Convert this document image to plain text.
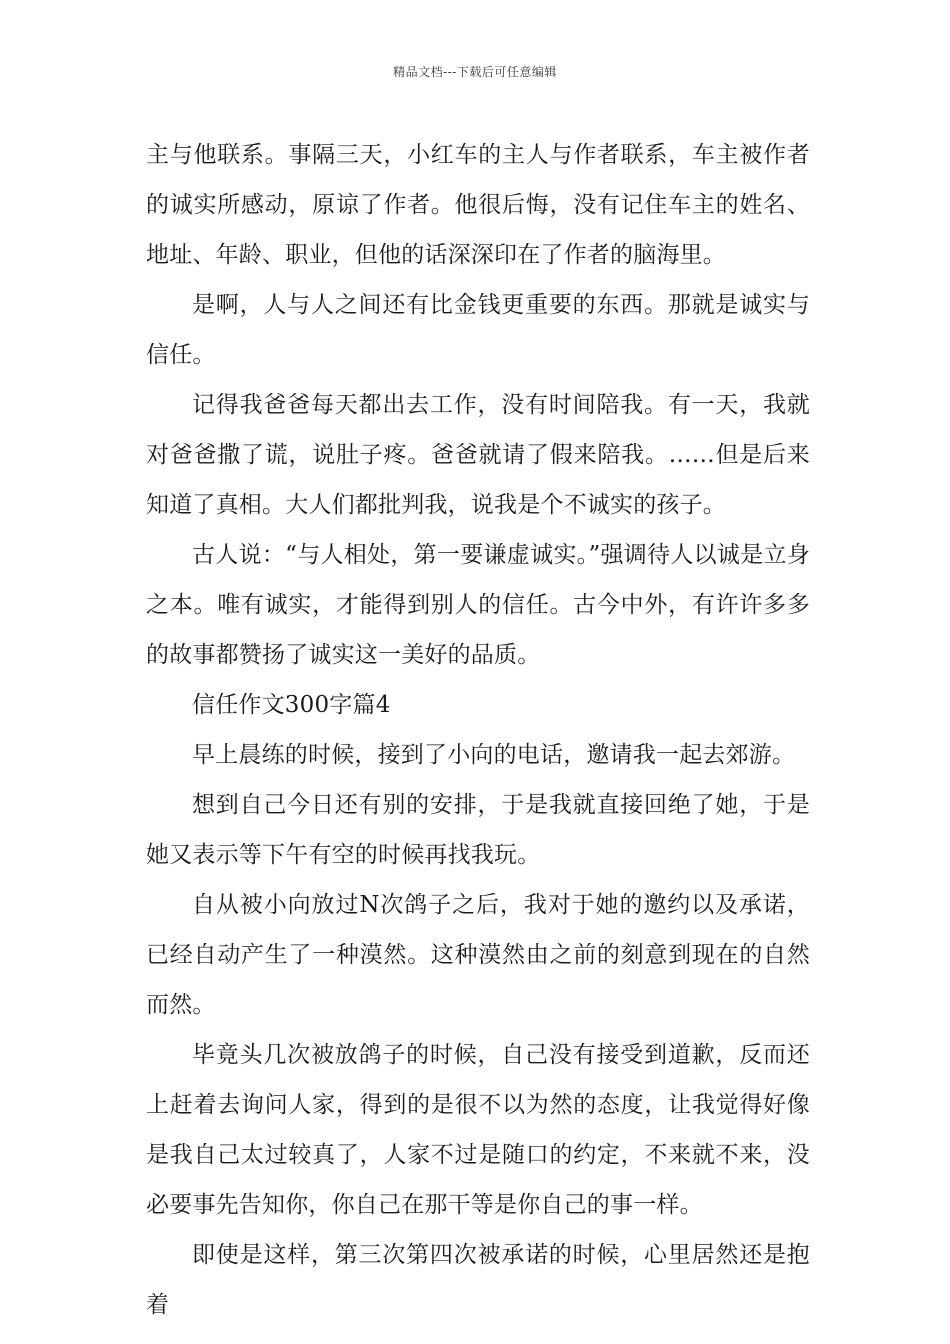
精品文档---下载后可任意编辑

主与他联系。事隔三天，小红车的主人与作者联系，车主被作者的诚实所感动，原谅了作者。他很后悔，没有记住车主的姓名、地址、年龄、职业，但他的话深深印在了作者的脑海里。

是啊，人与人之间还有比金钱更重要的东西。那就是诚实与信任。

记得我爸爸每天都出去工作，没有时间陪我。有一天，我就对爸爸撒了谎，说肚子疼。爸爸就请了假来陪我。……但是后来知道了真相。大人们都批判我，说我是个不诚实的孩子。

古人说：“与人相处，第一要谦虚诚实。”强调待人以诚是立身之本。唯有诚实，才能得到别人的信任。古今中外，有许许多多的故事都赞扬了诚实这一美好的品质。

信任作文300字篇4

早上晨练的时候，接到了小向的电话，邀请我一起去郊游。

想到自己今日还有别的安排，于是我就直接回绝了她，于是她又表示等下午有空的时候再找我玩。

自从被小向放过N次鸽子之后，我对于她的邀约以及承诺，已经自动产生了一种漠然。这种漠然由之前的刻意到现在的自然而然。

毕竟头几次被放鸽子的时候，自己没有接受到道歉，反而还上赶着去询问人家，得到的是很不以为然的态度，让我觉得好像是我自己太过较真了，人家不过是随口的约定，不来就不来，没必要事先告知你，你自己在那干等是你自己的事一样。

即使是这样，第三次第四次被承诺的时候，心里居然还是抱着
